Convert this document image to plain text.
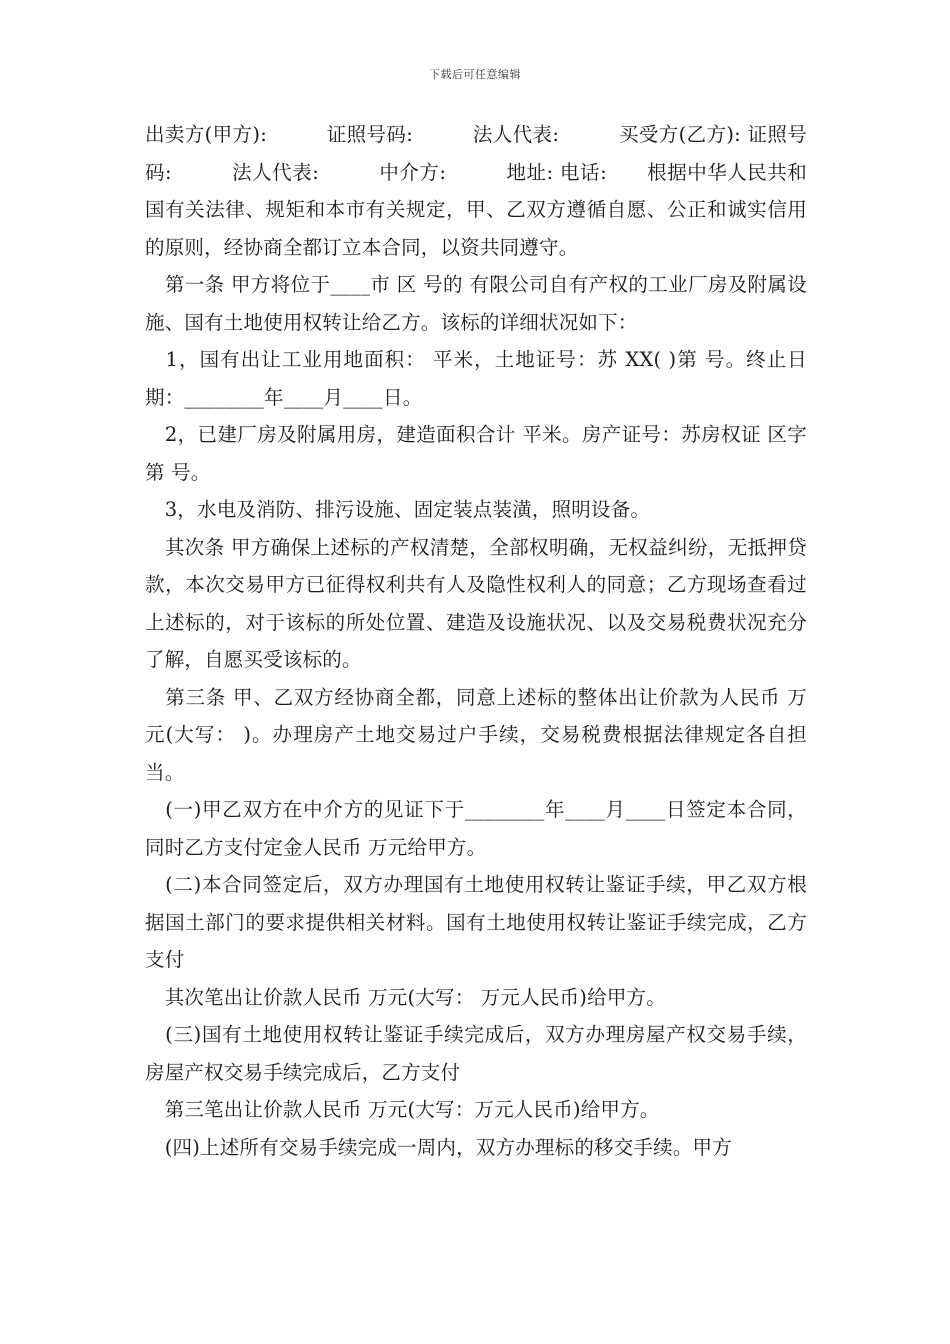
下载后可任意编辑

出卖方(甲方):　　　证照号码:　　　法人代表:　　　买受方(乙方): 证照号码:　　　法人代表:　　　中介方:　　　地址: 电话:　　根据中华人民共和国有关法律、规矩和本市有关规定，甲、乙双方遵循自愿、公正和诚实信用的原则，经协商全都订立本合同，以资共同遵守。

　第一条 甲方将位于____市 区 号的 有限公司自有产权的工业厂房及附属设施、国有土地使用权转让给乙方。该标的详细状况如下：

　1，国有出让工业用地面积： 平米，土地证号：苏 XX( )第 号。终止日期：________年____月____日。

　2，已建厂房及附属用房，建造面积合计 平米。房产证号：苏房权证 区字第 号。

　3，水电及消防、排污设施、固定装点装潢，照明设备。

　其次条 甲方确保上述标的产权清楚，全部权明确，无权益纠纷，无抵押贷款，本次交易甲方已征得权利共有人及隐性权利人的同意；乙方现场查看过上述标的，对于该标的所处位置、建造及设施状况、以及交易税费状况充分了解，自愿买受该标的。

　第三条 甲、乙双方经协商全都，同意上述标的整体出让价款为人民币 万元(大写： )。办理房产土地交易过户手续，交易税费根据法律规定各自担当。

　(一)甲乙双方在中介方的见证下于________年____月____日签定本合同，同时乙方支付定金人民币 万元给甲方。

　(二)本合同签定后，双方办理国有土地使用权转让鉴证手续，甲乙双方根据国土部门的要求提供相关材料。国有土地使用权转让鉴证手续完成，乙方支付

　其次笔出让价款人民币 万元(大写： 万元人民币)给甲方。

　(三)国有土地使用权转让鉴证手续完成后，双方办理房屋产权交易手续， 房屋产权交易手续完成后，乙方支付

　第三笔出让价款人民币 万元(大写：万元人民币)给甲方。

　(四)上述所有交易手续完成一周内，双方办理标的移交手续。甲方
